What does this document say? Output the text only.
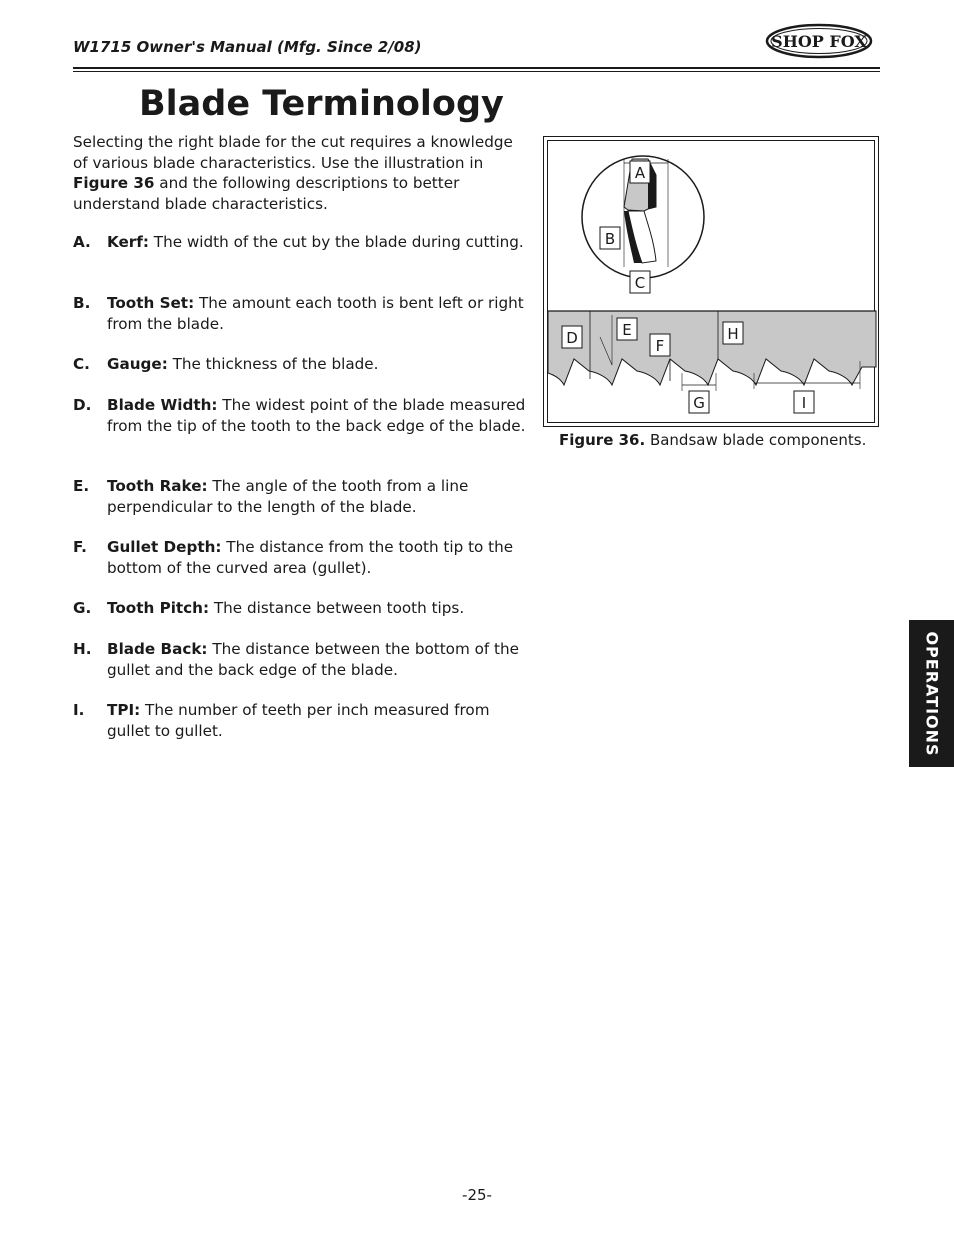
W1715 Owner's Manual (Mfg. Since 2/08)	SHOP FOX
Blade Terminology
Selecting the right blade for the cut requires a knowledge of various blade characteristics. Use the illustration in Figure 36 and the following descriptions to better understand blade characteristics.
A. Kerf: The width of the cut by the blade during cutting.
B. Tooth Set: The amount each tooth is bent left or right from the blade.
C. Gauge: The thickness of the blade.
D. Blade Width: The widest point of the blade measured from the tip of the tooth to the back edge of the blade.
E. Tooth Rake: The angle of the tooth from a line perpendicular to the length of the blade.
F. Gullet Depth: The distance from the tooth tip to the bottom of the curved area (gullet).
G. Tooth Pitch: The distance between tooth tips.
H. Blade Back: The distance between the bottom of the gullet and the back edge of the blade.
I. TPI: The number of teeth per inch measured from gullet to gullet.
A
B
C
D	E
F
G
H
I
Figure 36. Bandsaw blade components.
OPERATIONS
-25-
